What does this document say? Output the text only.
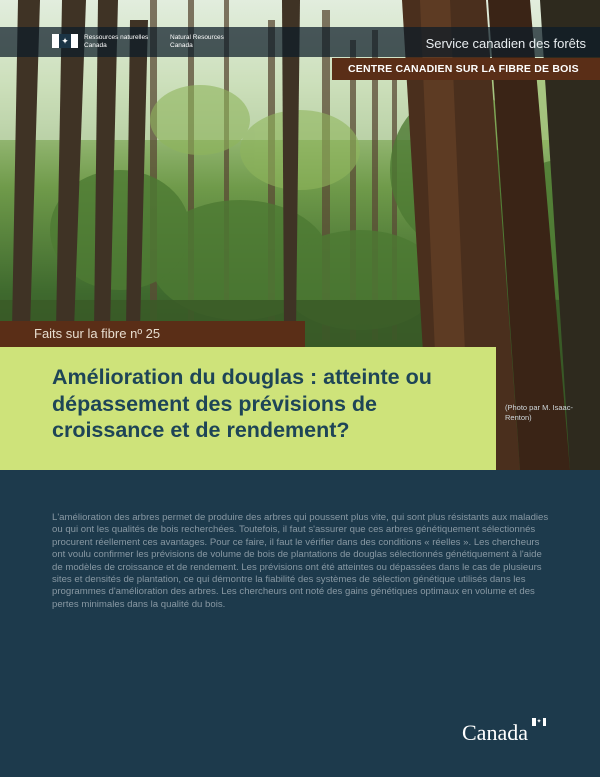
✦ Ressources naturelles Canada
Natural Resources Canada	Service canadien des forêts
CENTRE CANADIEN SUR LA FIBRE DE BOIS
Faits sur la fibre nº 25
Amélioration du douglas : atteinte ou dépassement des prévisions de croissance et de rendement?
(Photo par M. Isaac-Renton)
L'amélioration des arbres permet de produire des arbres qui poussent plus vite, qui sont plus résistants aux maladies ou qui ont les qualités de bois recherchées. Toutefois, il faut s'assurer que ces arbres génétiquement sélectionnés procurent réellement ces avantages. Pour ce faire, il faut le vérifier dans des conditions « réelles ». Les chercheurs ont voulu confirmer les prévisions de volume de bois de plantations de douglas sélectionnés génétiquement à l'aide de modèles de croissance et de rendement. Les prévisions ont été atteintes ou dépassées dans le cas de plusieurs sites et densités de plantation, ce qui démontre la fiabilité des systèmes de sélection génétique utilisés dans les programmes d'amélioration des arbres. Les chercheurs ont noté des gains génétiques optimaux en volume et des pertes minimales dans la qualité du bois.
Canada ✦
